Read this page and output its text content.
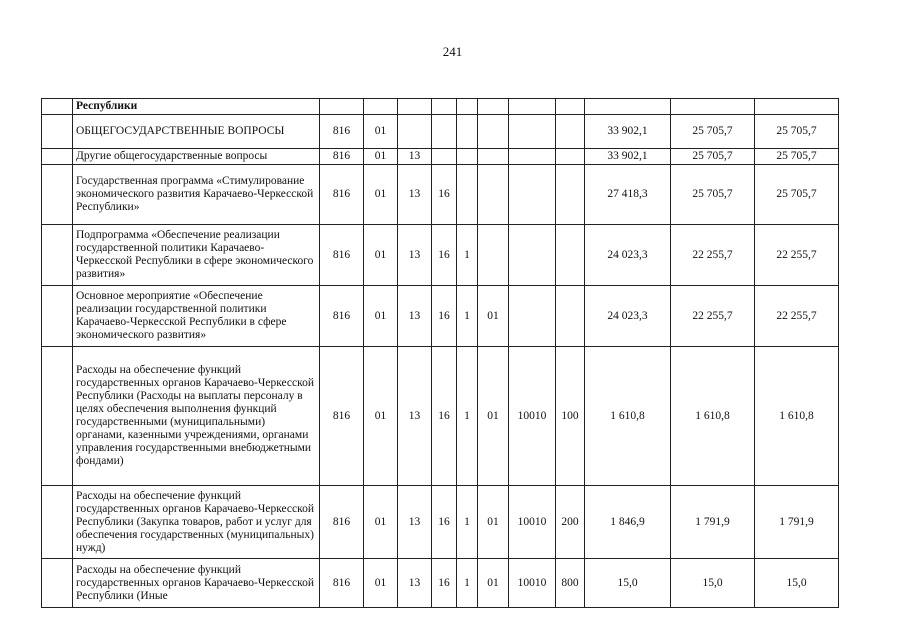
241
	Республики											
	ОБЩЕГОСУДАРСТВЕННЫЕ ВОПРОСЫ	816	01							33 902,1	25 705,7	25 705,7
	Другие общегосударственные вопросы	816	01	13						33 902,1	25 705,7	25 705,7
	Государственная программа «Стимулирование экономического развития Карачаево-Черкесской Республики»	816	01	13	16					27 418,3	25 705,7	25 705,7
	Подпрограмма «Обеспечение реализации государственной политики Карачаево-Черкесской Республики в сфере экономического развития»	816	01	13	16	1				24 023,3	22 255,7	22 255,7
	Основное мероприятие «Обеспечение реализации государственной политики Карачаево-Черкесской Республики в сфере экономического развития»	816	01	13	16	1	01			24 023,3	22 255,7	22 255,7
	Расходы на обеспечение функций государственных органов Карачаево-Черкесской Республики (Расходы на выплаты персоналу в целях обеспечения выполнения функций государственными (муниципальными) органами, казенными учреждениями, органами управления государственными внебюджетными фондами)	816	01	13	16	1	01	10010	100	1 610,8	1 610,8	1 610,8
	Расходы на обеспечение функций государственных органов Карачаево-Черкесской Республики (Закупка товаров, работ и услуг для обеспечения государственных (муниципальных) нужд)	816	01	13	16	1	01	10010	200	1 846,9	1 791,9	1 791,9
	Расходы на обеспечение функций государственных органов Карачаево-Черкесской Республики (Иные	816	01	13	16	1	01	10010	800	15,0	15,0	15,0
